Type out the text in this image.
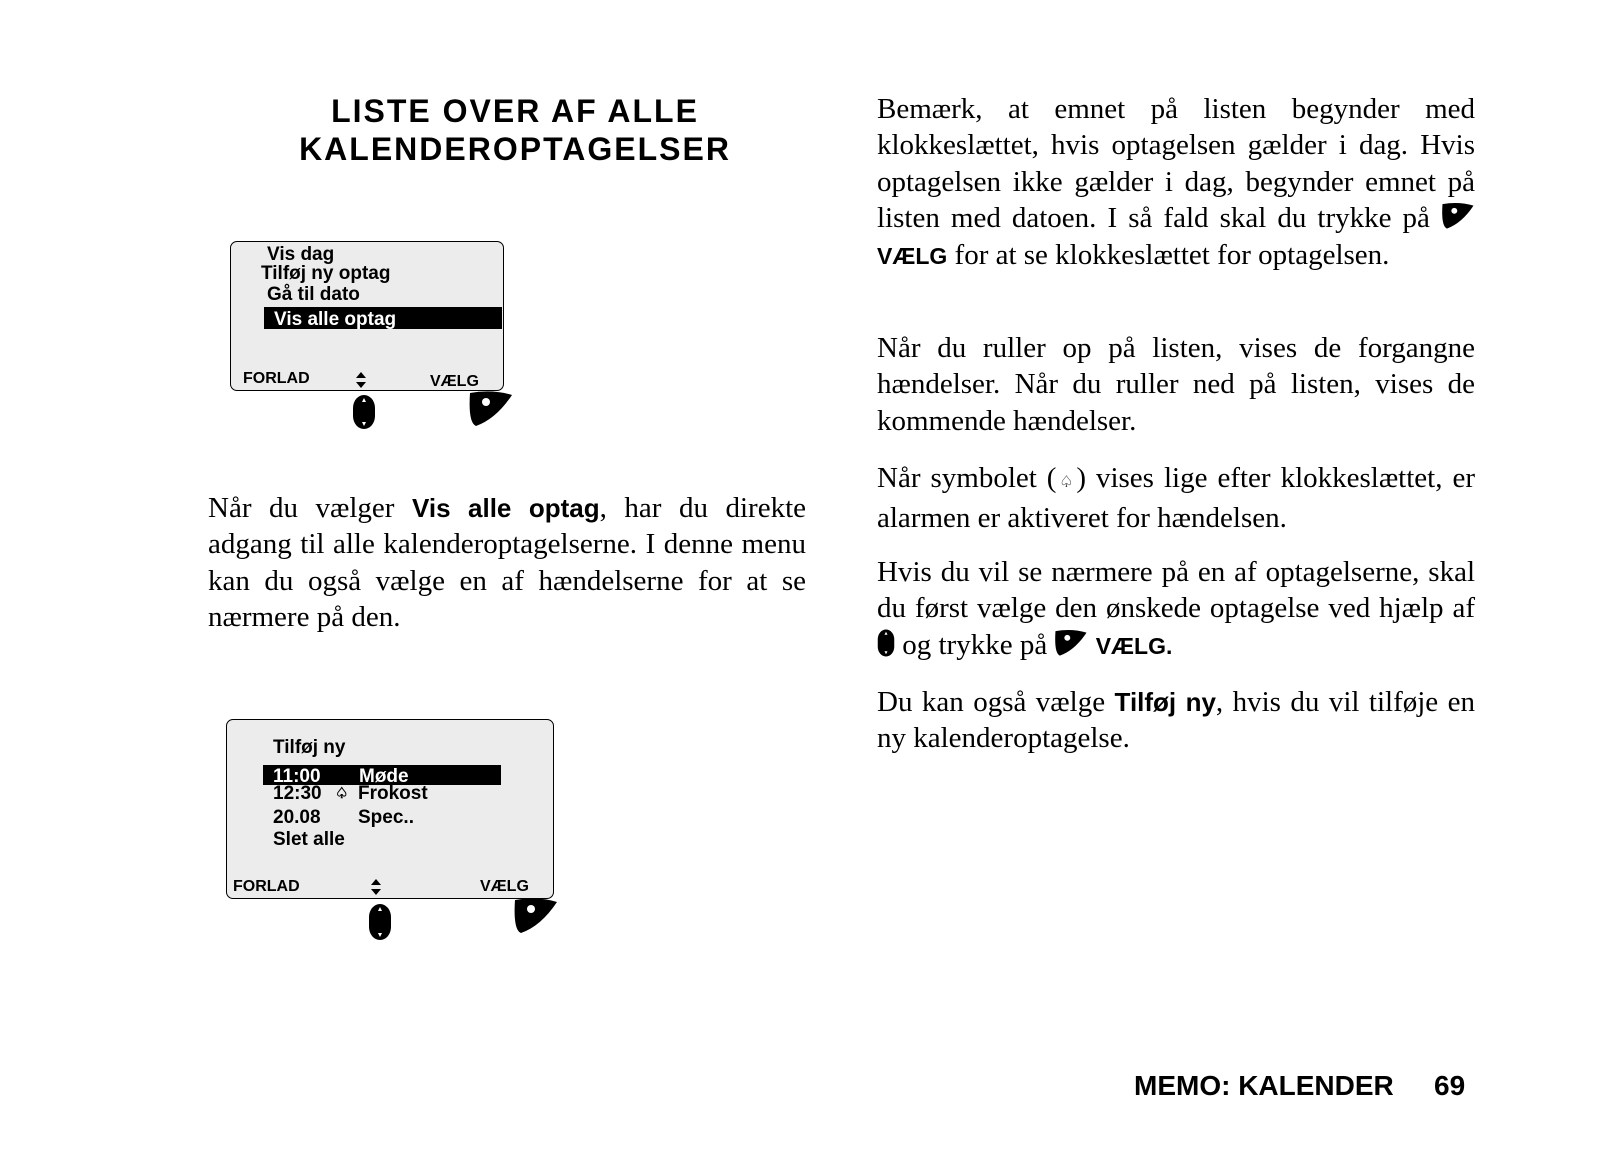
LISTE OVER AF ALLE
KALENDEROPTAGELSER
Vis dag
Tilføj ny optag
Gå til dato
Vis alle optag
FORLAD	VÆLG

Når du vælger Vis alle optag, har du direkte adgang til alle kalenderoptagelserne. I denne menu kan du også vælge en af hændelserne for at se nærmere på den.

Tilføj ny
11:00 Møde
12:30 ♤ Frokost
20.08 Spec..
Slet alle
FORLAD	VÆLG

Bemærk, at emnet på listen begynder med klokkeslættet, hvis optagelsen gælder i dag. Hvis optagelsen ikke gælder i dag, begynder emnet på listen med datoen. I så fald skal du trykke på  VÆLG for at se klokkeslættet for optagelsen.

Når du ruller op på listen, vises de forgangne hændelser. Når du ruller ned på listen, vises de kommende hændelser.

Når symbolet (♤) vises lige efter klokkeslættet, er alarmen er aktiveret for hændelsen.

Hvis du vil se nærmere på en af optagelserne, skal du først vælge den ønskede optagelse ved hjælp af  og trykke på VÆLG.

Du kan også vælge Tilføj ny, hvis du vil tilføje en ny kalenderoptagelse.

MEMO: KALENDER 69
